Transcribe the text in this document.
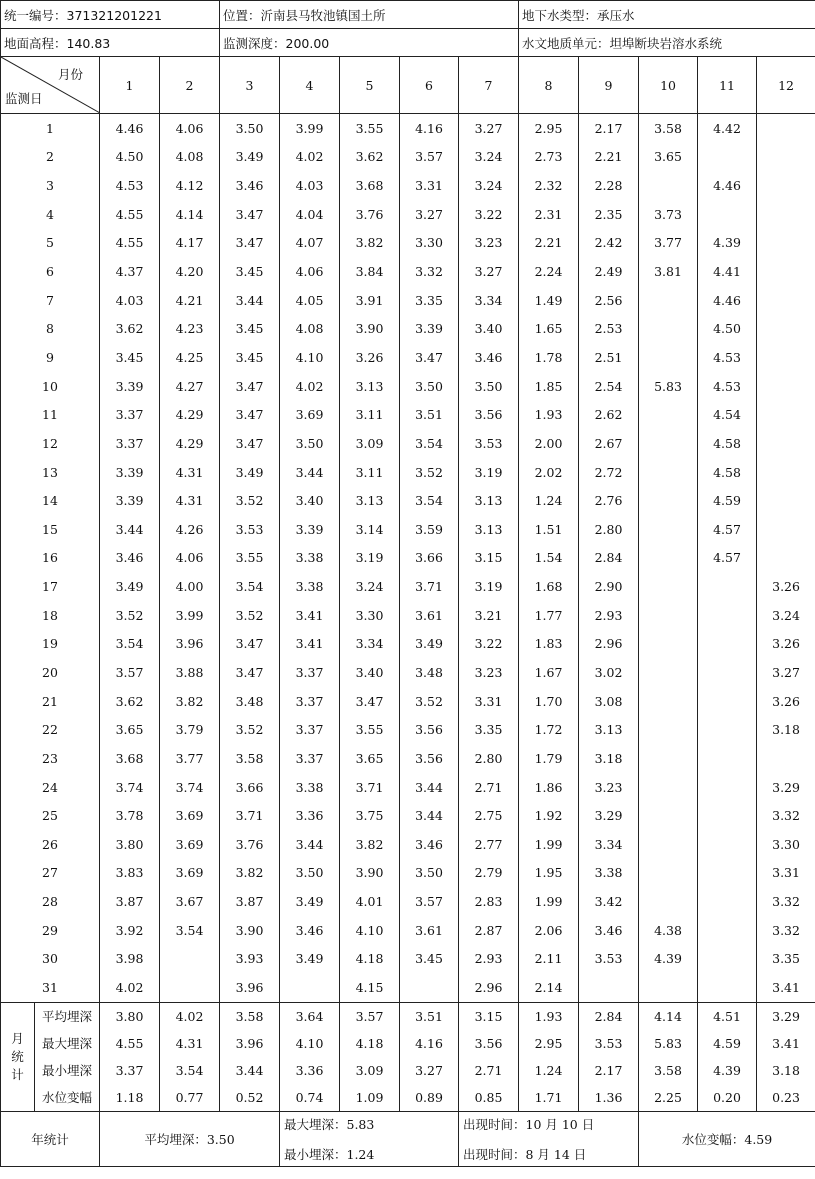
统一编号：371321201221				位置：沂南县马牧池镇国土所					地下水类型：承压水				
地面高程：140.83				监测深度：200.00					水文地质单元：坦埠断块岩溶水系统				

月份
监测日		1	2	3	4	5	6	7	8	9	10	11	12
1		4.46	4.06	3.50	3.99	3.55	4.16	3.27	2.95	2.17	3.58	4.42	
2		4.50	4.08	3.49	4.02	3.62	3.57	3.24	2.73	2.21	3.65		
3		4.53	4.12	3.46	4.03	3.68	3.31	3.24	2.32	2.28		4.46	
4		4.55	4.14	3.47	4.04	3.76	3.27	3.22	2.31	2.35	3.73		
5		4.55	4.17	3.47	4.07	3.82	3.30	3.23	2.21	2.42	3.77	4.39	
6		4.37	4.20	3.45	4.06	3.84	3.32	3.27	2.24	2.49	3.81	4.41	
7		4.03	4.21	3.44	4.05	3.91	3.35	3.34	1.49	2.56		4.46	
8		3.62	4.23	3.45	4.08	3.90	3.39	3.40	1.65	2.53		4.50	
9		3.45	4.25	3.45	4.10	3.26	3.47	3.46	1.78	2.51		4.53	
10		3.39	4.27	3.47	4.02	3.13	3.50	3.50	1.85	2.54	5.83	4.53	
11		3.37	4.29	3.47	3.69	3.11	3.51	3.56	1.93	2.62		4.54	
12		3.37	4.29	3.47	3.50	3.09	3.54	3.53	2.00	2.67		4.58	
13		3.39	4.31	3.49	3.44	3.11	3.52	3.19	2.02	2.72		4.58	
14		3.39	4.31	3.52	3.40	3.13	3.54	3.13	1.24	2.76		4.59	
15		3.44	4.26	3.53	3.39	3.14	3.59	3.13	1.51	2.80		4.57	
16		3.46	4.06	3.55	3.38	3.19	3.66	3.15	1.54	2.84		4.57	
17		3.49	4.00	3.54	3.38	3.24	3.71	3.19	1.68	2.90			3.26
18		3.52	3.99	3.52	3.41	3.30	3.61	3.21	1.77	2.93			3.24
19		3.54	3.96	3.47	3.41	3.34	3.49	3.22	1.83	2.96			3.26
20		3.57	3.88	3.47	3.37	3.40	3.48	3.23	1.67	3.02			3.27
21		3.62	3.82	3.48	3.37	3.47	3.52	3.31	1.70	3.08			3.26
22		3.65	3.79	3.52	3.37	3.55	3.56	3.35	1.72	3.13			3.18
23		3.68	3.77	3.58	3.37	3.65	3.56	2.80	1.79	3.18			
24		3.74	3.74	3.66	3.38	3.71	3.44	2.71	1.86	3.23			3.29
25		3.78	3.69	3.71	3.36	3.75	3.44	2.75	1.92	3.29			3.32
26		3.80	3.69	3.76	3.44	3.82	3.46	2.77	1.99	3.34			3.30
27		3.83	3.69	3.82	3.50	3.90	3.50	2.79	1.95	3.38			3.31
28		3.87	3.67	3.87	3.49	4.01	3.57	2.83	1.99	3.42			3.32
29		3.92	3.54	3.90	3.46	4.10	3.61	2.87	2.06	3.46	4.38		3.32
30		3.98		3.93	3.49	4.18	3.45	2.93	2.11	3.53	4.39		3.35
31		4.02		3.96		4.15		2.96	2.14				3.41

月
统
计	平均埋深	3.80	4.02	3.58	3.64	3.57	3.51	3.15	1.93	2.84	4.14	4.51	3.29
	最大埋深	4.55	4.31	3.96	4.10	4.18	4.16	3.56	2.95	3.53	5.83	4.59	3.41
	最小埋深	3.37	3.54	3.44	3.36	3.09	3.27	2.71	1.24	2.17	3.58	4.39	3.18
	水位变幅	1.18	0.77	0.52	0.74	1.09	0.89	0.85	1.71	1.36	2.25	0.20	0.23
年统计		平均埋深：3.50			最大埋深：5.83
最小埋深：1.24			出现时间：10 月 10 日
出现时间：8 月 14 日			水位变幅：4.59		
